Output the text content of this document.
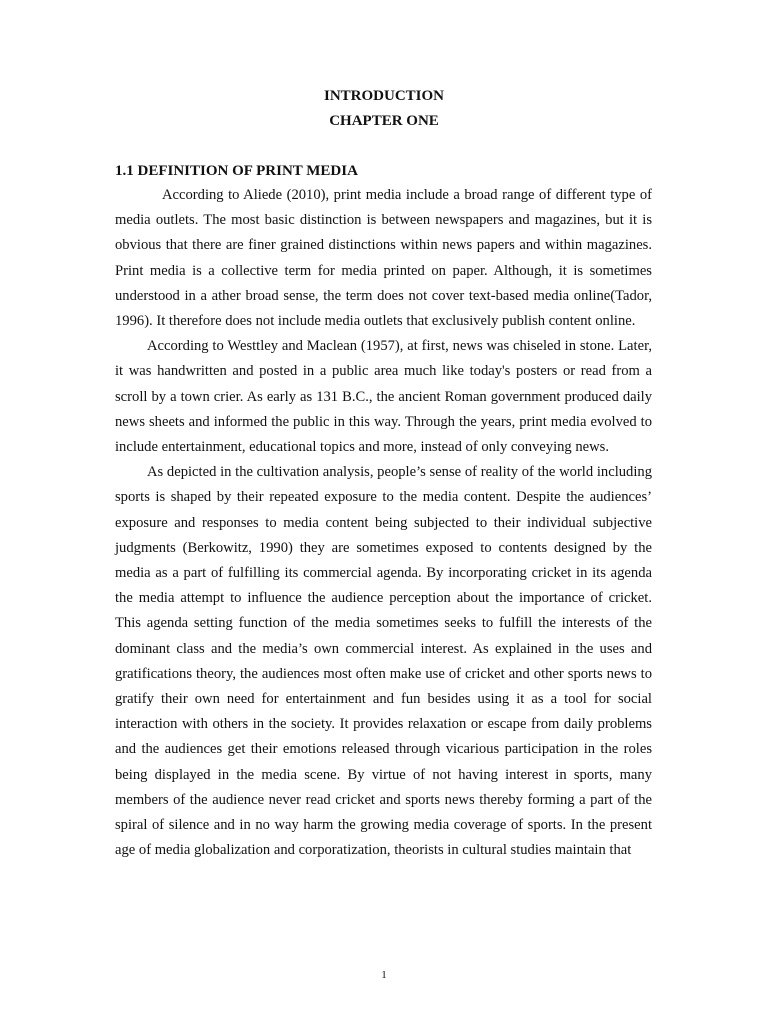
INTRODUCTION
CHAPTER ONE
1.1 DEFINITION OF PRINT MEDIA

According to Aliede (2010), print media include a broad range of different type of media outlets. The most basic distinction is between newspapers and magazines, but it is obvious that there are finer grained distinctions within news papers and within magazines. Print media is a collective term for media printed on paper. Although, it is sometimes understood in a ather broad sense, the term does not cover text-based media online(Tador, 1996). It therefore does not include media outlets that exclusively publish content online.

According to Westtley and Maclean (1957), at first, news was chiseled in stone. Later, it was handwritten and posted in a public area much like today's posters or read from a scroll by a town crier. As early as 131 B.C., the ancient Roman government produced daily news sheets and informed the public in this way. Through the years, print media evolved to include entertainment, educational topics and more, instead of only conveying news.

As depicted in the cultivation analysis, people’s sense of reality of the world including sports is shaped by their repeated exposure to the media content. Despite the audiences’ exposure and responses to media content being subjected to their individual subjective judgments (Berkowitz, 1990) they are sometimes exposed to contents designed by the media as a part of fulfilling its commercial agenda. By incorporating cricket in its agenda the media attempt to influence the audience perception about the importance of cricket. This agenda setting function of the media sometimes seeks to fulfill the interests of the dominant class and the media’s own commercial interest. As explained in the uses and gratifications theory, the audiences most often make use of cricket and other sports news to gratify their own need for entertainment and fun besides using it as a tool for social interaction with others in the society. It provides relaxation or escape from daily problems and the audiences get their emotions released through vicarious participation in the roles being displayed in the media scene. By virtue of not having interest in sports, many members of the audience never read cricket and sports news thereby forming a part of the spiral of silence and in no way harm the growing media coverage of sports. In the present age of media globalization and corporatization, theorists in cultural studies maintain that

1
